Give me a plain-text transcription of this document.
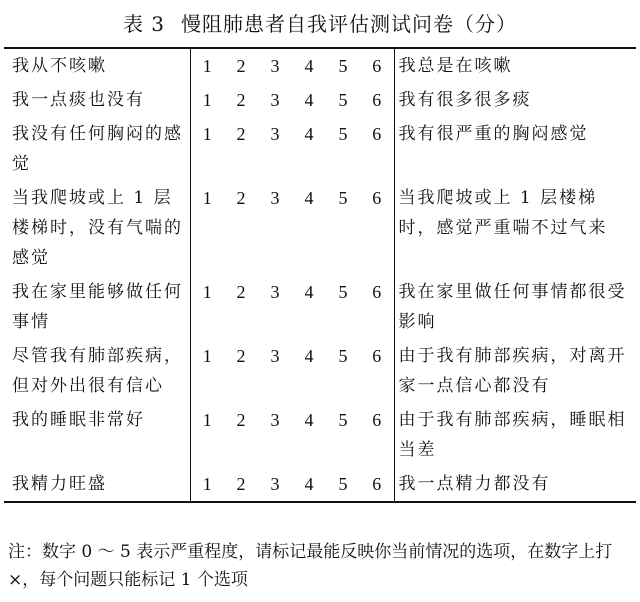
表 3 慢阻肺患者自我评估测试问卷（分）
我从不咳嗽	1	2	3	4	5	6	我总是在咳嗽
我一点痰也没有	1	2	3	4	5	6	我有很多很多痰
我没有任何胸闷的感觉	1	2	3	4	5	6	我有很严重的胸闷感觉
当我爬坡或上 1 层楼梯时，没有气喘的感觉	1	2	3	4	5	6	当我爬坡或上 1 层楼梯时，感觉严重喘不过气来
我在家里能够做任何事情	1	2	3	4	5	6	我在家里做任何事情都很受影响
尽管我有肺部疾病，但对外出很有信心	1	2	3	4	5	6	由于我有肺部疾病，对离开家一点信心都没有
我的睡眠非常好	1	2	3	4	5	6	由于我有肺部疾病，睡眠相当差
我精力旺盛	1	2	3	4	5	6	我一点精力都没有
注：数字 0 ～ 5 表示严重程度，请标记最能反映你当前情况的选项，在数字上打 ×，每个问题只能标记 1 个选项
